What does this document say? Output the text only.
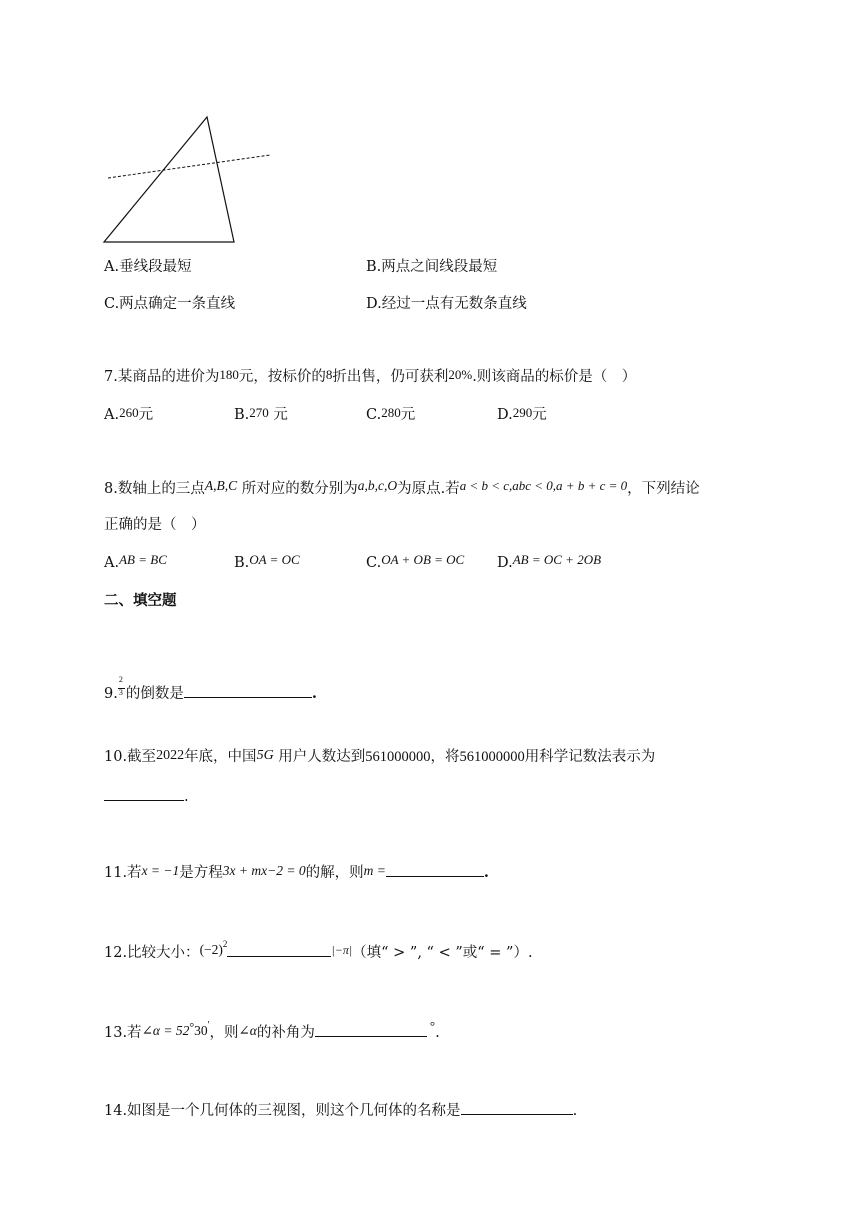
A.垂线段最短	B.两点之间线段最短
C.两点确定一条直线	D.经过一点有无数条直线
7.某商品的进价为180元，按标价的8折出售，仍可获利20%.则该商品的标价是（　）
A.260元	B.270 元	C.280元	D.290元
8.数轴上的三点A,B,C 所对应的数分别为a,b,c,O为原点.若a < b < c,abc < 0,a + b + c = 0，下列结论
正确的是（　）
A.AB = BC	B.OA = OC	C.OA + OB = OC D.AB = OC + 2OB
二、填空题
9. $\frac{2}{3}$ 的倒数是	.
10.截至2022年底，中国5G 用户人数达到561000000，将561000000用科学记数法表示为
.
11.若x = −1是方程3x + mx−2 = 0的解，则m =	.
12.比较大小：$(-2)^2$	$^{|-\pi|}$（填“ > ”, “ < ”或“ = ”）.
13.若∠α = 52°30'，则∠α的补角为	°.
14.如图是一个几何体的三视图，则这个几何体的名称是	.
